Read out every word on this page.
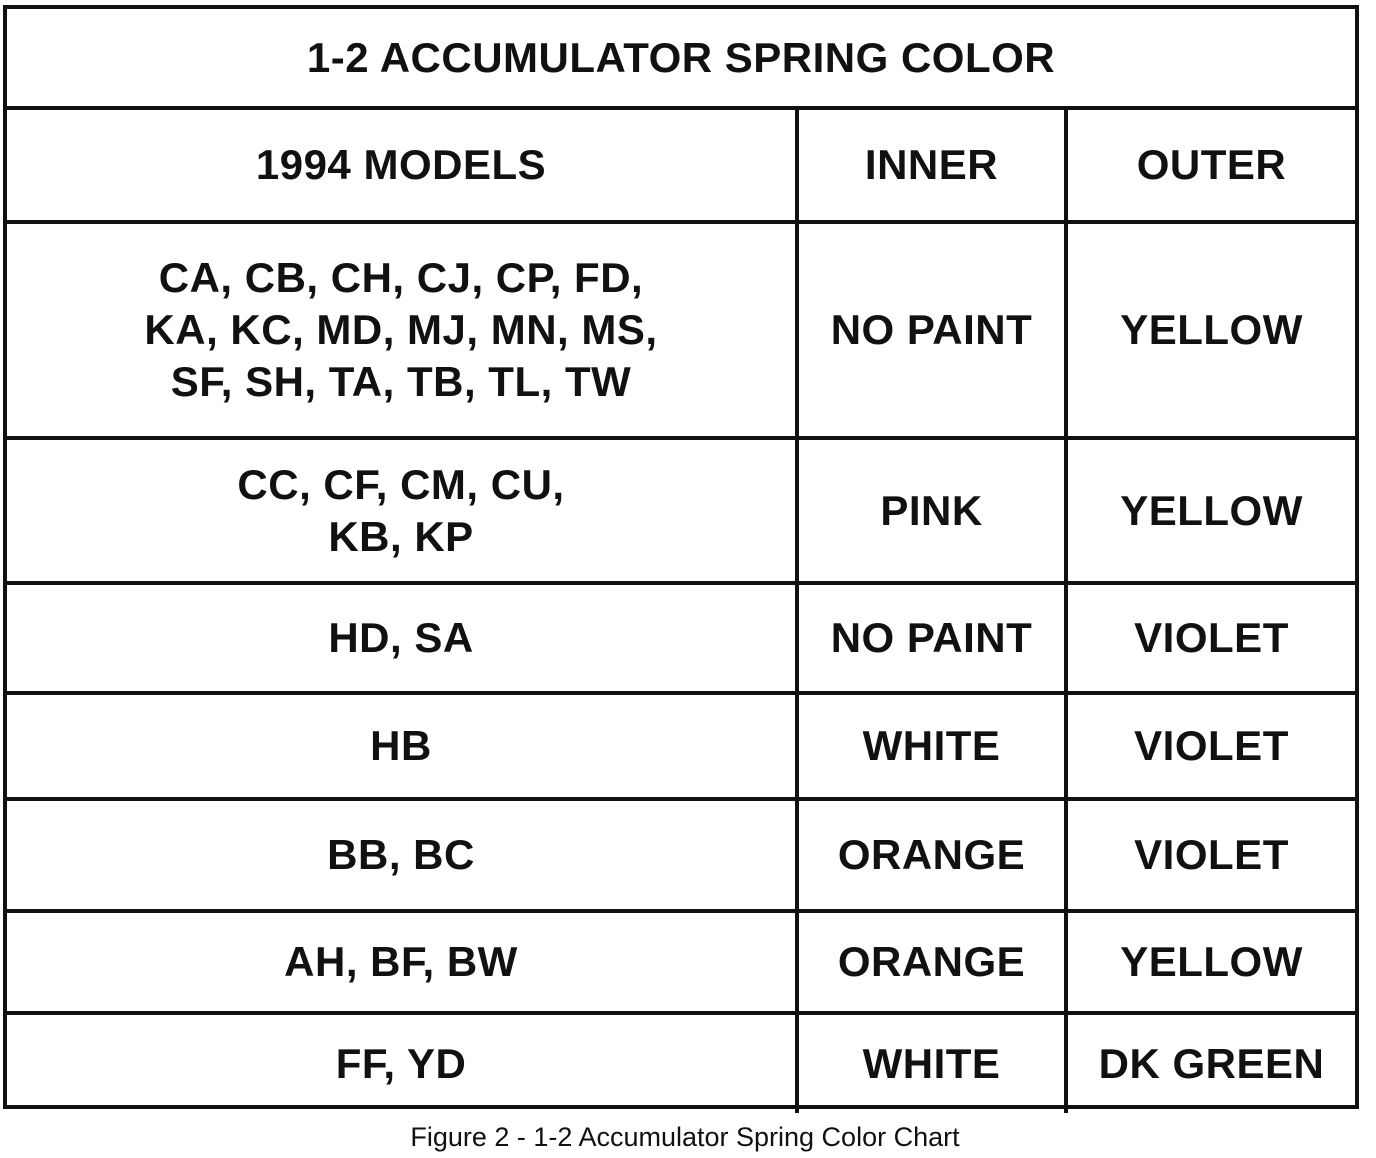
1-2 ACCUMULATOR SPRING COLOR		
1994 MODELS	INNER	OUTER

CA, CB, CH, CJ, CP, FD,
KA, KC, MD, MJ, MN, MS,
SF, SH, TA, TB, TL, TW	NO PAINT	YELLOW

CC, CF, CM, CU,
KB, KP	PINK	YELLOW
HD, SA	NO PAINT	VIOLET
HB	WHITE	VIOLET
BB, BC	ORANGE	VIOLET
AH, BF, BW	ORANGE	YELLOW
FF, YD	WHITE	DK GREEN
Figure 2 - 1-2 Accumulator Spring Color Chart
